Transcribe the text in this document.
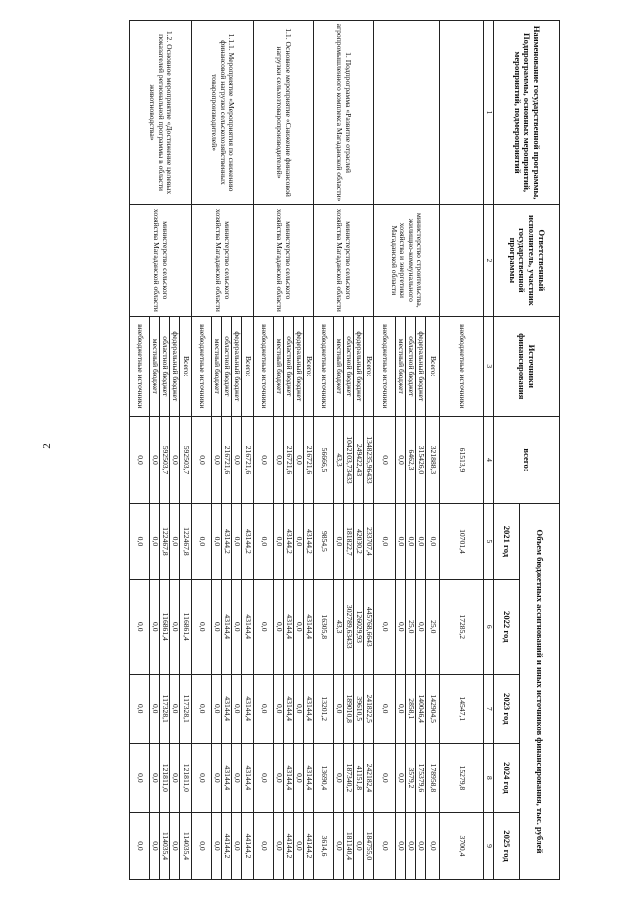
2
Наименование государственной программы, Подпрограммы, основных мероприятий, мероприятий, подмероприятий	Ответственный исполнитель, участник государственной программы	Источники финансирования	всего:	Объем бюджетных ассигнований и иных источников финансирования, тыс. рублей				
				2021 год	2022 год	2023 год	2024 год	2025 год
1	2	3	4	5	6	7	8	9
		внебюджетные источники	61513,9	10701,4	17285,2	14547,1	15279,8	3700,4
	министерство строительства, жилищно-коммунального хозяйства и энергетики Магаданской области	Всего:	321888,3	0,0	25,0	142904,5	178958,8	0,0
		федеральный бюджет	315426,0	0,0	0,0	140046,4	175379,6	0,0
		областной бюджет	6462,3	0,0	25,0	2858,1	3579,2	0,0
		местный бюджет	0,0	0,0	0,0	0,0	0,0	0,0
		внебюджетные источники	0,0	0,0	0,0	0,0	0,0	0,0
1. Подпрограмма «Развитие отраслей агропромышленного комплекса Магаданской области»	министерство сельского хозяйства Магаданской области	Всего:	1348235,96433	233707,4	445768,6643	241822,5	242182,4	184755,0
		федеральный бюджет	249422,43	42030,2	126029,93	39610,5	41151,8	0,0
		областной бюджет	1042103,73433	181822,7	302789,63433	189010,8	187340,2	181140,4
		местный бюджет	43,3	0,0	43,3	0,0	0,0	0,0
		внебюджетные источники	56666,5	9854,5	16305,8	13201,2	13690,4	3614,6
1.1. Основное мероприятие «Снижение финансовой нагрузки сельхозтоваропроизводителей»	министерство сельского хозяйства Магаданской области	Всего:	216721,6	43144,2	43144,4	43144,4	43144,4	44144,2
		федеральный бюджет	0,0	0,0	0,0	0,0	0,0	0,0
		областной бюджет	216721,6	43144,2	43144,4	43144,4	43144,4	44144,2
		местный бюджет	0,0	0,0	0,0	0,0	0,0	0,0
		внебюджетные источники	0,0	0,0	0,0	0,0	0,0	0,0
1.1.1. Мероприятие «Мероприятия по снижению финансовой нагрузки сельскохозяйственных товаропроизводителей»	министерство сельского хозяйства Магаданской области	Всего:	216721,6	43144,2	43144,4	43144,4	43144,4	44144,2
		федеральный бюджет	0,0	0,0	0,0	0,0	0,0	0,0
		областной бюджет	216721,6	43144,2	43144,4	43144,4	43144,4	44144,2
		местный бюджет	0,0	0,0	0,0	0,0	0,0	0,0
		внебюджетные источники	0,0	0,0	0,0	0,0	0,0	0,0
1.2. Основное мероприятие «Достижение целевых показателей региональной программы в области животноводства»	министерство сельского хозяйства Магаданской области	Всего:	592503,7	122467,8	116861,4	117328,1	121811,0	114035,4
		федеральный бюджет	0,0	0,0	0,0	0,0	0,0	0,0
		областной бюджет	592503,7	122467,8	116861,4	117328,1	121811,0	114035,4
		местный бюджет	0,0	0,0	0,0	0,0	0,0	0,0
		внебюджетные источники	0,0	0,0	0,0	0,0	0,0	0,0
